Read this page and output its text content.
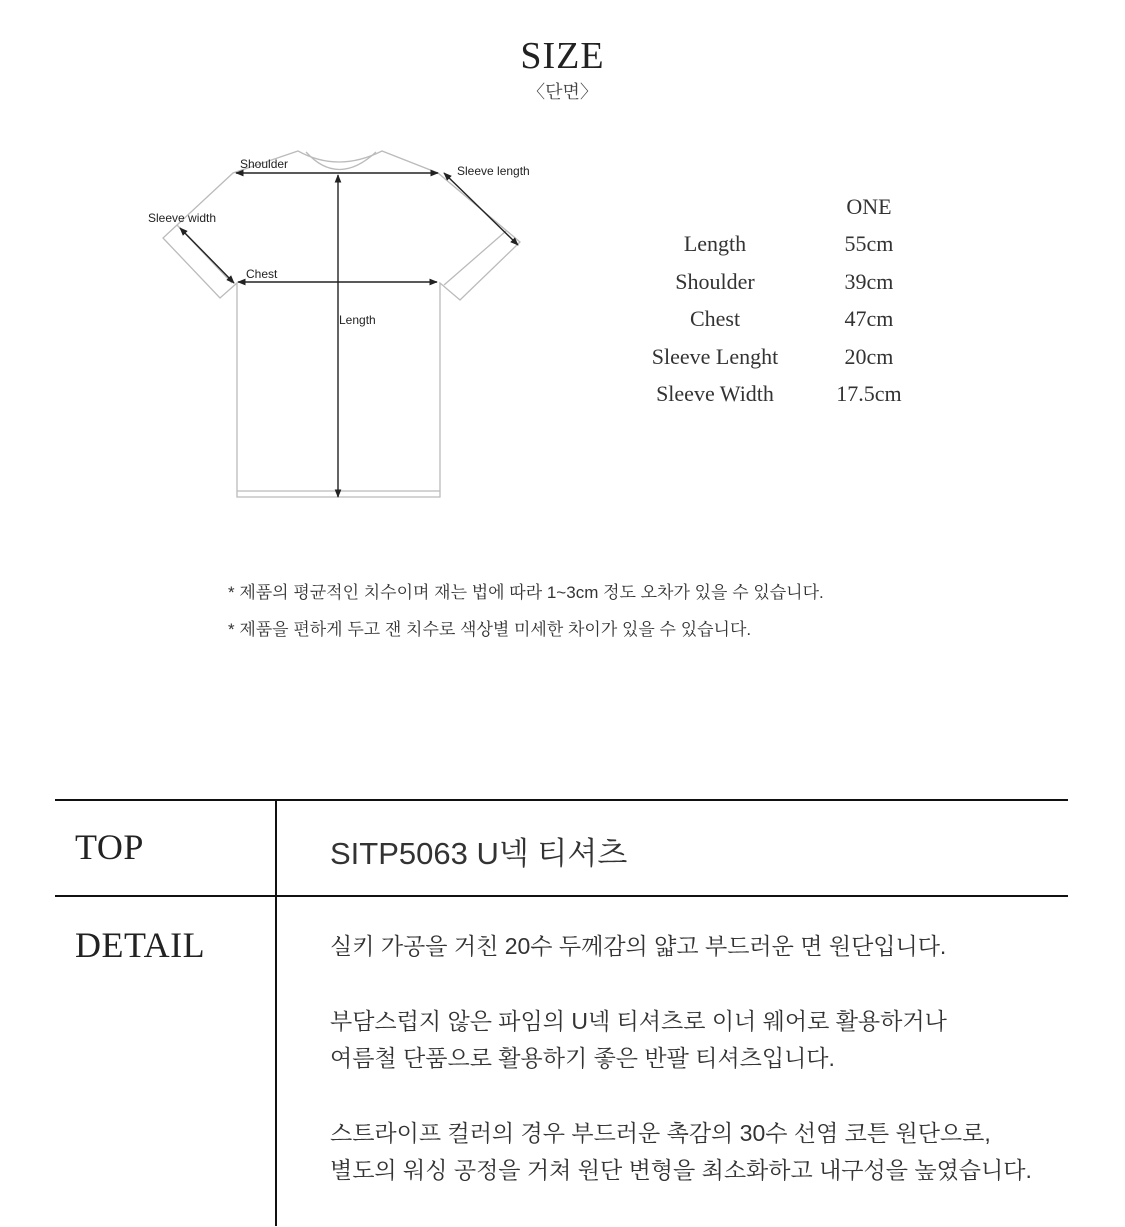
SIZE
〈단면〉
Shoulder	Sleeve length
Sleeve width
Chest
Length
ONE
Length	55cm
Shoulder	39cm
Chest	47cm
Sleeve Lenght	20cm
Sleeve Width	17.5cm
* 제품의 평균적인 치수이며 재는 법에 따라 1~3cm 정도 오차가 있을 수 있습니다.
* 제품을 편하게 두고 잰 치수로 색상별 미세한 차이가 있을 수 있습니다.
TOP	SITP5063 U넥 티셔츠
DETAIL	실키 가공을 거친 20수 두께감의 얇고 부드러운 면 원단입니다.

부담스럽지 않은 파임의 U넥 티셔츠로 이너 웨어로 활용하거나

여름철 단품으로 활용하기 좋은 반팔 티셔츠입니다.

스트라이프 컬러의 경우 부드러운 촉감의 30수 선염 코튼 원단으로,

별도의 워싱 공정을 거쳐 원단 변형을 최소화하고 내구성을 높였습니다.
